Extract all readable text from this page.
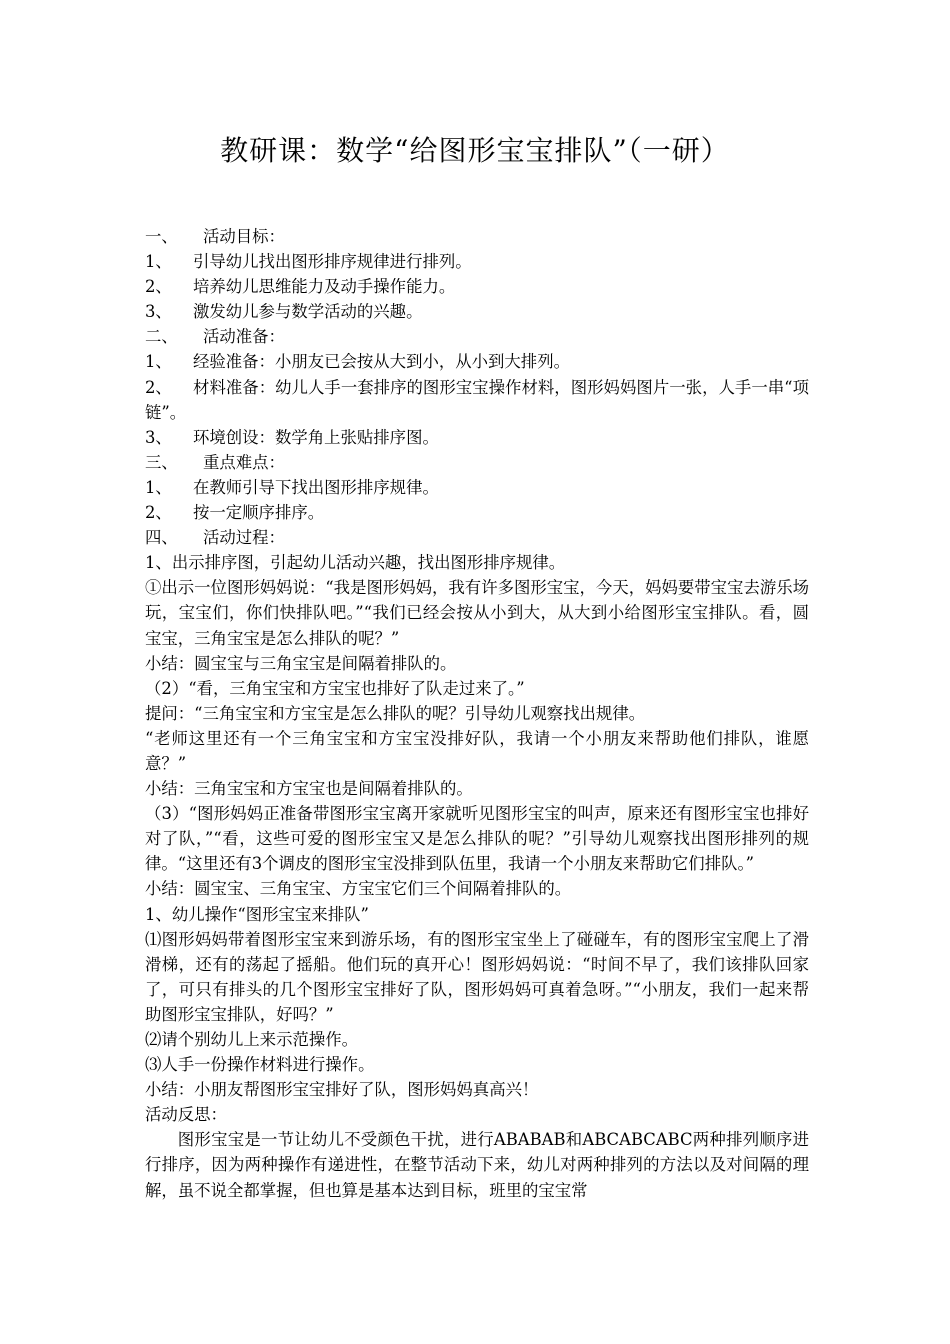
教研课：数学“给图形宝宝排队”（一研）

一、 活动目标：

1、 引导幼儿找出图形排序规律进行排列。

2、 培养幼儿思维能力及动手操作能力。

3、 激发幼儿参与数学活动的兴趣。

二、 活动准备：

1、 经验准备：小朋友已会按从大到小，从小到大排列。

2、 材料准备：幼儿人手一套排序的图形宝宝操作材料，图形妈妈图片一张，人手一串“项链”。

3、 环境创设：数学角上张贴排序图。

三、 重点难点：

1、 在教师引导下找出图形排序规律。

2、 按一定顺序排序。

四、 活动过程：

1、出示排序图，引起幼儿活动兴趣，找出图形排序规律。

①出示一位图形妈妈说：“我是图形妈妈，我有许多图形宝宝，今天，妈妈要带宝宝去游乐场玩，宝宝们，你们快排队吧。”“我们已经会按从小到大，从大到小给图形宝宝排队。看，圆宝宝，三角宝宝是怎么排队的呢？”

小结：圆宝宝与三角宝宝是间隔着排队的。

（2）“看，三角宝宝和方宝宝也排好了队走过来了。”

提问：“三角宝宝和方宝宝是怎么排队的呢？引导幼儿观察找出规律。

“老师这里还有一个三角宝宝和方宝宝没排好队，我请一个小朋友来帮助他们排队，谁愿意？”

小结：三角宝宝和方宝宝也是间隔着排队的。

（3）“图形妈妈正准备带图形宝宝离开家就听见图形宝宝的叫声，原来还有图形宝宝也排好对了队，”“看，这些可爱的图形宝宝又是怎么排队的呢？”引导幼儿观察找出图形排列的规律。“这里还有3个调皮的图形宝宝没排到队伍里，我请一个小朋友来帮助它们排队。”

小结：圆宝宝、三角宝宝、方宝宝它们三个间隔着排队的。

1、幼儿操作“图形宝宝来排队”

⑴图形妈妈带着图形宝宝来到游乐场，有的图形宝宝坐上了碰碰车，有的图形宝宝爬上了滑滑梯，还有的荡起了摇船。他们玩的真开心！图形妈妈说：“时间不早了，我们该排队回家了，可只有排头的几个图形宝宝排好了队，图形妈妈可真着急呀。”“小朋友，我们一起来帮助图形宝宝排队，好吗？”

⑵请个别幼儿上来示范操作。

⑶人手一份操作材料进行操作。

小结：小朋友帮图形宝宝排好了队，图形妈妈真高兴！

活动反思：

图形宝宝是一节让幼儿不受颜色干扰，进行ABABAB和ABCABCABC两种排列顺序进行排序，因为两种操作有递进性，在整节活动下来，幼儿对两种排列的方法以及对间隔的理解，虽不说全都掌握，但也算是基本达到目标，班里的宝宝常
